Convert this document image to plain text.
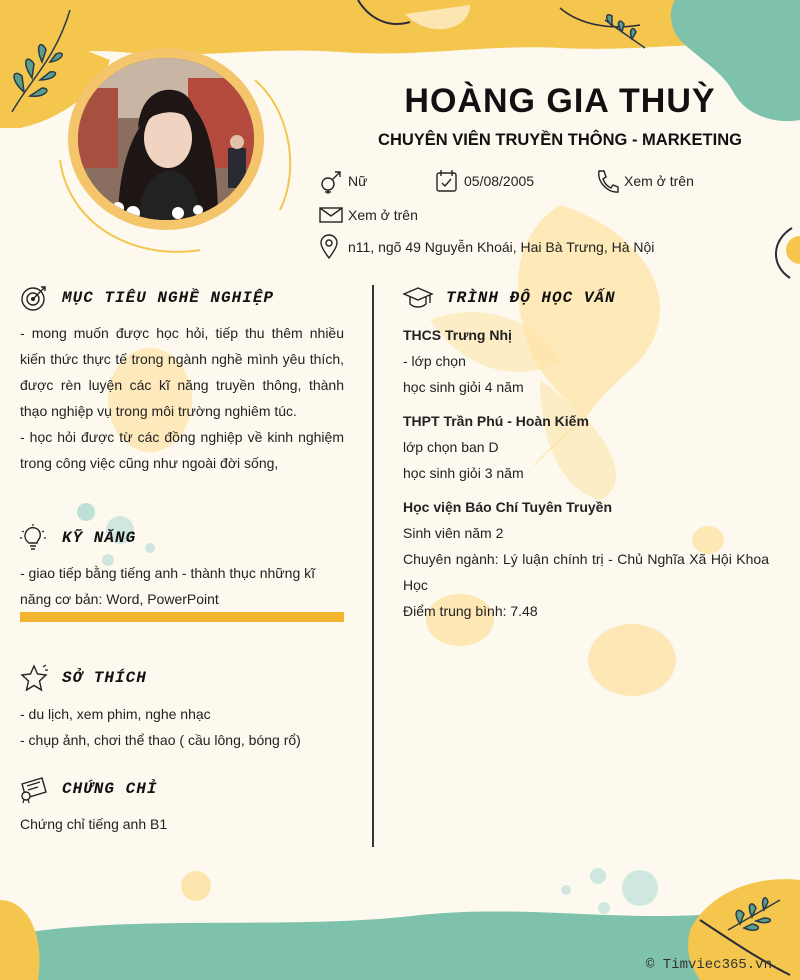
HOÀNG GIA THUỲ
CHUYÊN VIÊN TRUYỀN THÔNG - MARKETING
Nữ	05/08/2005	Xem ở trên
Xem ở trên
n11, ngõ 49 Nguyễn Khoái, Hai Bà Trưng, Hà Nội
MỤC TIÊU NGHỀ NGHIỆP
- mong muốn được học hỏi, tiếp thu thêm nhiều kiến thức thực tế trong ngành nghề mình yêu thích, được rèn luyện các kĩ năng truyền thông, thành thạo nghiệp vụ trong môi trường nghiêm túc.
- học hỏi được từ các đồng nghiệp về kinh nghiệm trong công việc cũng như ngoài đời sống,
KỸ NĂNG
- giao tiếp bằng tiếng anh - thành thục những kĩ năng cơ bản: Word, PowerPoint
SỞ THÍCH
- du lịch, xem phim, nghe nhạc
- chụp ảnh, chơi thể thao ( cầu lông, bóng rổ)
CHỨNG CHỈ
Chứng chỉ tiếng anh B1
TRÌNH ĐỘ HỌC VẤN
THCS Trưng Nhị
- lớp chọn
học sinh giỏi 4 năm
THPT Trần Phú - Hoàn Kiếm
lớp chọn ban D
học sinh giỏi 3 năm
Học viện Báo Chí Tuyên Truyền
Sinh viên năm 2
Chuyên ngành: Lý luận chính trị - Chủ Nghĩa Xã Hội Khoa Học
Điểm trung bình: 7.48
© Timviec365.vn
